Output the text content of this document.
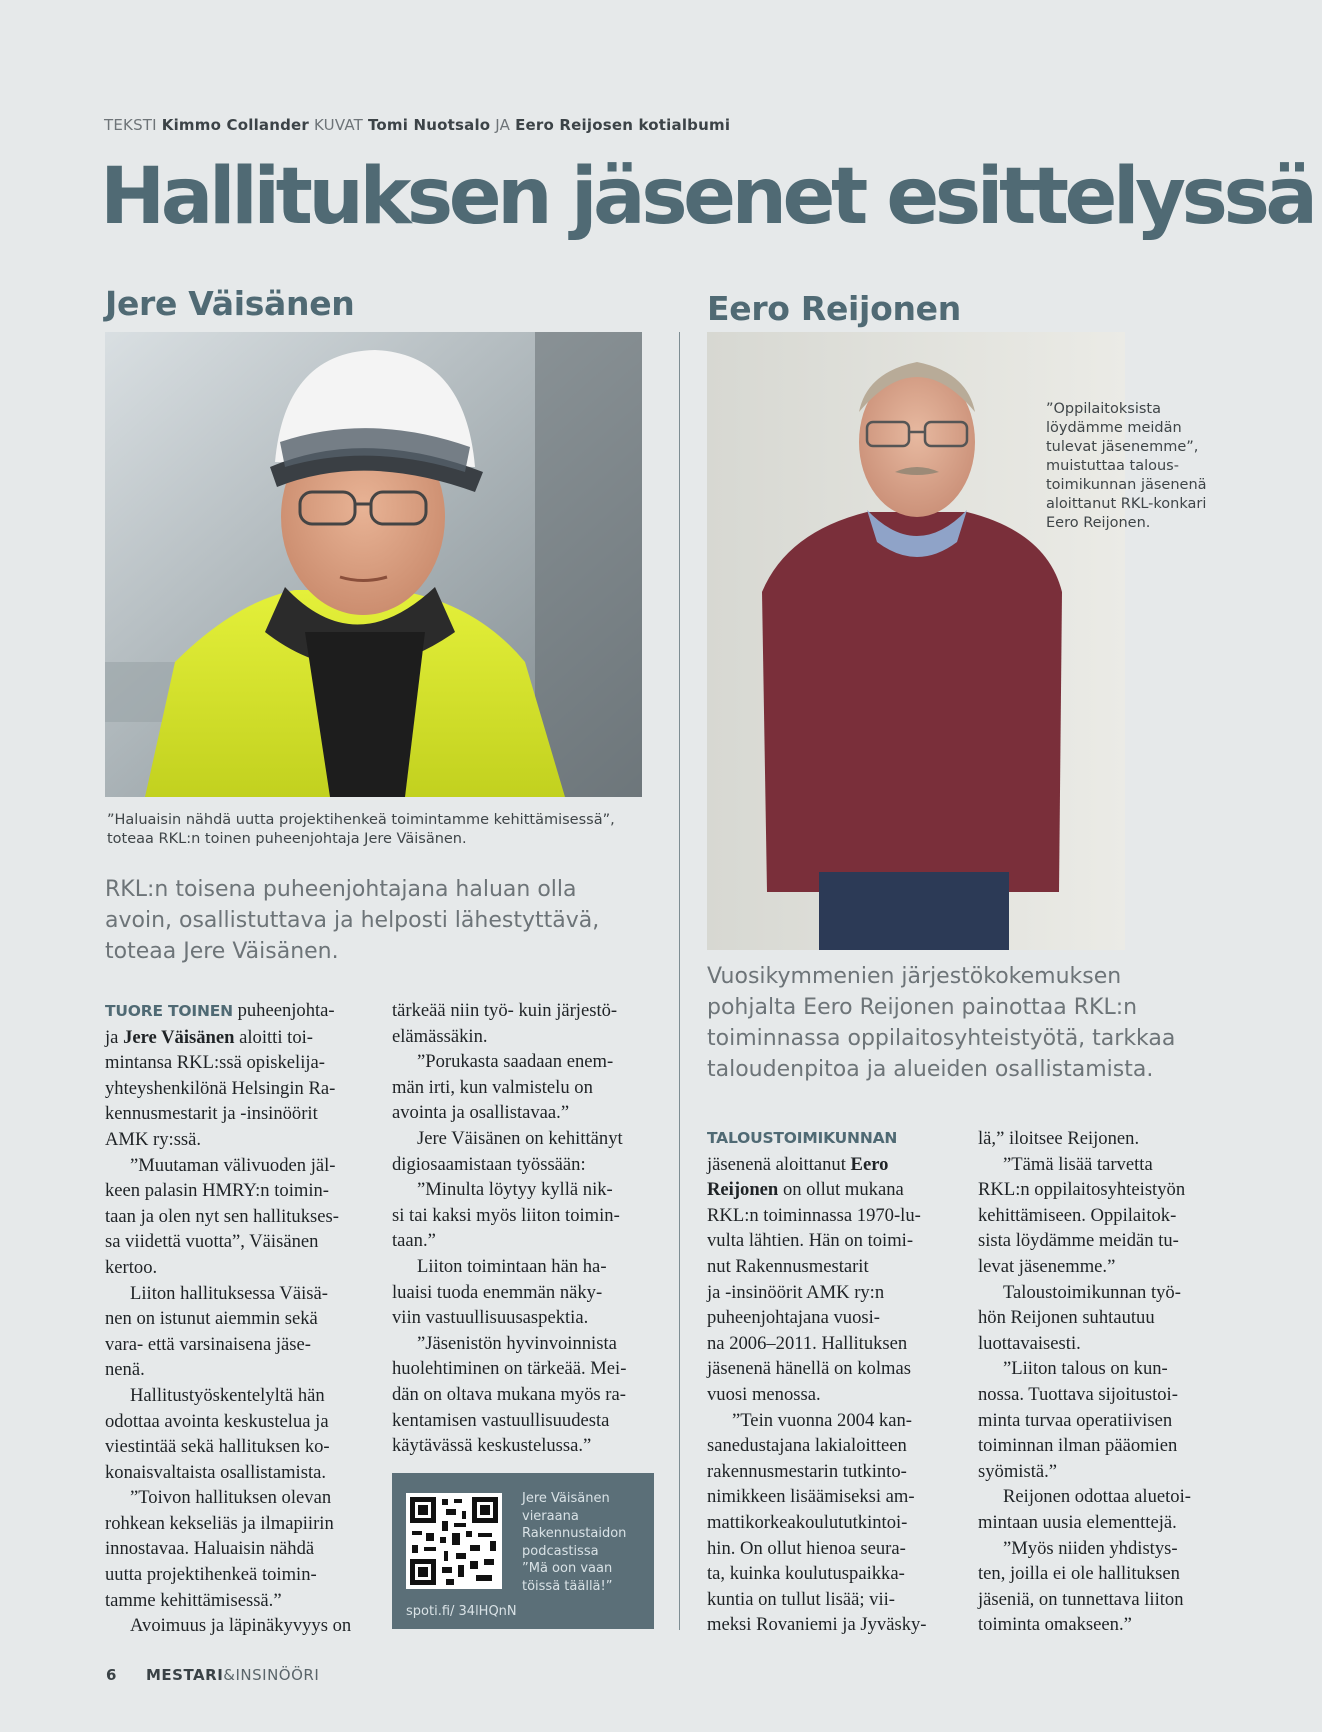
TEKSTI Kimmo Collander KUVAT Tomi Nuotsalo JA Eero Reijosen kotialbumi
Hallituksen jäsenet esittelyssä
Jere Väisänen	Eero Reijonen
”Oppilaitoksista
löydämme meidän
tulevat jäsenemme”,
muistuttaa talous-
toimikunnan jäsenenä
aloittanut RKL-konkari
Eero Reijonen.
”Haluaisin nähdä uutta projektihenkeä toimintamme kehittämisessä”,
toteaa RKL:n toinen puheenjohtaja Jere Väisänen.
RKL:n toisena puheenjohtajana haluan olla
avoin, osallistuttava ja helposti lähestyttävä,
toteaa Jere Väisänen.
Vuosikymmenien järjestökokemuksen
pohjalta Eero Reijonen painottaa RKL:n
toiminnassa oppilaitosyhteistyötä, tarkkaa
taloudenpitoa ja alueiden osallistamista.

TUORE TOINEN puheenjohta-

ja Jere Väisänen aloitti toi-

mintansa RKL:ssä opiskelija-

yhteyshenkilönä Helsingin Ra-

kennusmestarit ja -insinöörit

AMK ry:ssä.

”Muutaman välivuoden jäl-

keen palasin HMRY:n toimin-

taan ja olen nyt sen hallitukses-

sa viidettä vuotta”, Väisänen

kertoo.

Liiton hallituksessa Väisä-

nen on istunut aiemmin sekä

vara- että varsinaisena jäse-

nenä.

Hallitustyöskentelyltä hän

odottaa avointa keskustelua ja

viestintää sekä hallituksen ko-

konaisvaltaista osallistamista.

”Toivon hallituksen olevan

rohkean kekseliäs ja ilmapiirin

innostavaa. Haluaisin nähdä

uutta projektihenkeä toimin-

tamme kehittämisessä.”

Avoimuus ja läpinäkyvyys on

tärkeää niin työ- kuin järjestö-

elämässäkin.

”Porukasta saadaan enem-

män irti, kun valmistelu on

avointa ja osallistavaa.”

Jere Väisänen on kehittänyt

digiosaamistaan työssään:

”Minulta löytyy kyllä nik-

si tai kaksi myös liiton toimin-

taan.”

Liiton toimintaan hän ha-

luaisi tuoda enemmän näky-

viin vastuullisuusaspektia.

”Jäsenistön hyvinvoinnista

huolehtiminen on tärkeää. Mei-

dän on oltava mukana myös ra-

kentamisen vastuullisuudesta

käytävässä keskustelussa.”

Jere Väisänen
vieraana
Rakennustaidon
podcastissa
”Mä oon vaan
töissä täällä!”
spoti.fi/ 34lHQnN

TALOUSTOIMIKUNNAN

jäsenenä aloittanut Eero

Reijonen on ollut mukana

RKL:n toiminnassa 1970-lu-

vulta lähtien. Hän on toimi-

nut Rakennusmestarit

ja -insinöörit AMK ry:n

puheenjohtajana vuosi-

na 2006–2011. Hallituksen

jäsenenä hänellä on kolmas

vuosi menossa.

”Tein vuonna 2004 kan-

sanedustajana lakialoitteen

rakennusmestarin tutkinto-

nimikkeen lisäämiseksi am-

mattikorkeakoulututkintoi-

hin. On ollut hienoa seura-

ta, kuinka koulutuspaikka-

kuntia on tullut lisää; vii-

meksi Rovaniemi ja Jyväsky-

lä,” iloitsee Reijonen.

”Tämä lisää tarvetta

RKL:n oppilaitosyhteistyön

kehittämiseen. Oppilaitok-

sista löydämme meidän tu-

levat jäsenemme.”

Taloustoimikunnan työ-

hön Reijonen suhtautuu

luottavaisesti.

”Liiton talous on kun-

nossa. Tuottava sijoitustoi-

minta turvaa operatiivisen

toiminnan ilman pääomien

syömistä.”

Reijonen odottaa aluetoi-

mintaan uusia elementtejä.

”Myös niiden yhdistys-

ten, joilla ei ole hallituksen

jäseniä, on tunnettava liiton

toiminta omakseen.”

6 MESTARI&INSINÖÖRI
